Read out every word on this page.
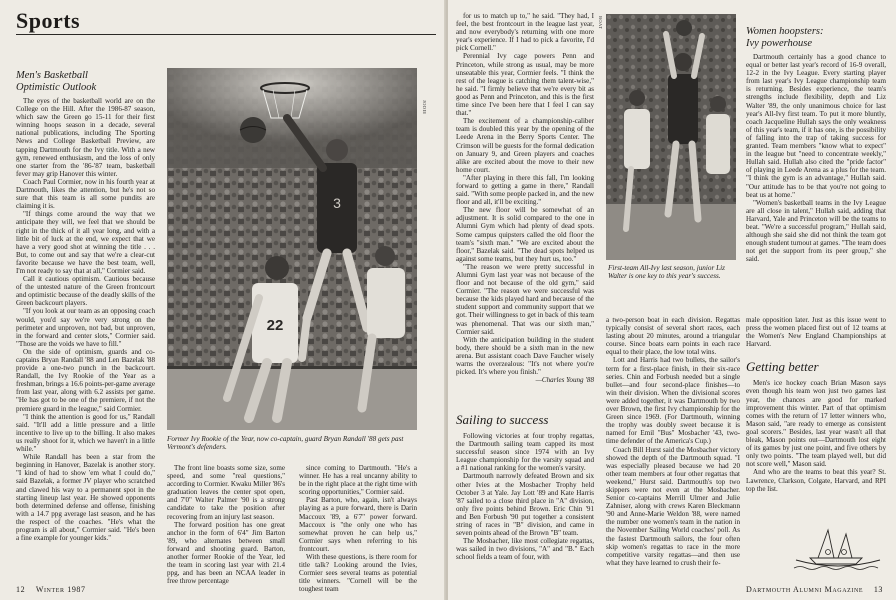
Sports
Men's Basketball
Optimistic Outlook

The eyes of the basketball world are on the College on the Hill. After the 1986-87 season, which saw the Green go 15-11 for their first winning hoops season in a decade, several national publications, including The Sporting News and College Basketball Preview, are tapping Dartmouth for the Ivy title. With a new gym, renewed enthusiasm, and the loss of only one starter from the '86-'87 team, basketball fever may grip Hanover this winter.

Coach Paul Cormier, now in his fourth year at Dartmouth, likes the attention, but he's not so sure that this team is all some pundits are claiming it is.

"If things come around the way that we anticipate they will, we feel that we should be right in the thick of it all year long, and with a little bit of luck at the end, we expect that we have a very good shot at winning the title . . . But, to come out and say that we're a clear-cut favorite because we have the best team, well, I'm not ready to say that at all," Cormier said.

Call it cautious optimism. Cautious because of the untested nature of the Green frontcourt and optimistic because of the deadly skills of the Green backcourt players.

"If you look at our team as an opposing coach would, you'd say we're very strong on the perimeter and unproven, not bad, but unproven, in the forward and center slots," Cormier said. "Those are the voids we have to fill."

On the side of optimism, guards and co-captains Bryan Randall '88 and Len Bazelak '88 provide a one-two punch in the backcourt. Randall, the Ivy Rookie of the Year as a freshman, brings a 16.6 points-per-game average from last year, along with 6.2 assists per game. "He has got to be one of the premiere, if not the premiere guard in the league," said Cormier.

"I think the attention is good for us," Randall said. "It'll add a little pressure and a little incentive to live up to the billing. It also makes us really shoot for it, which we haven't in a little while."

While Randall has been a star from the beginning in Hanover, Bazelak is another story. "I kind of had to show 'em what I could do," said Bazelak, a former JV player who scratched and clawed his way to a permanent spot in the starting lineup last year. He showed opponents both determined defense and offense, finishing with a 14.7 ppg average last season, and he has the respect of the coaches. "He's what the program is all about," Cormier said. "He's been a fine example for younger kids."

3
22
JODIE
Former Ivy Rookie of the Year, now co-captain, guard Bryan Randall '88 gets past Vermont's defenders.

The front line boasts some size, some speed, and some "real questions," according to Cormier. Kwaku Miller '86's graduation leaves the center spot open, and 7'0" Walter Palmer '90 is a strong candidate to take the position after recovering from an injury last season.

The forward position has one great anchor in the form of 6'4" Jim Barton '89, who alternates between small forward and shooting guard. Barton, another former Rookie of the Year, led the team in scoring last year with 21.4 ppg, and has been an NCAA leader in free throw percentage

since coming to Dartmouth. "He's a winner. He has a real uncanny ability to be in the right place at the right time with scoring opportunities," Cormier said.

Past Barton, who, again, isn't always playing as a pure forward, there is Darin Maccoux '89, a 6'7" power forward. Maccoux is "the only one who has somewhat proven he can help us," Cormier says when referring to his frontcourt.

With these questions, is there room for title talk? Looking around the Ivies, Cormier sees several teams as potential title winners. "Cornell will be the toughest team

12 Winter 1987

for us to match up to," he said. "They had, I feel, the best frontcourt in the league last year, and now everybody's returning with one more year's experience. If I had to pick a favorite, I'd pick Cornell."

Perennial Ivy cage powers Penn and Princeton, while strong as usual, may be more unseatable this year, Cormier feels. "I think the rest of the league is catching them talent-wise," he said. "I firmly believe that we're every bit as good as Penn and Princeton, and this is the first time since I've been here that I feel I can say that."

The excitement of a championship-caliber team is doubled this year by the opening of the Leede Arena in the Berry Sports Center. The Crimson will be guests for the formal dedication on January 9, and Green players and coaches alike are excited about the move to their new home court.

"After playing in there this fall, I'm looking forward to getting a game in there," Randall said. "With some people packed in, and the new floor and all, it'll be exciting."

The new floor will be somewhat of an adjustment. It is solid compared to the one in Alumni Gym which had plenty of dead spots. Some campus quipsters called the old floor the team's "sixth man." "We are excited about the floor," Bazelak said. "The dead spots helped us against some teams, but they hurt us, too."

"The reason we were pretty successful in Alumni Gym last year was not because of the floor and not because of the old gym," said Cormier. "The reason we were successful was because the kids played hard and because of the student support and community support that we got. Their willingness to get in back of this team was phenomenal. That was our sixth man," Cormier said.

With the anticipation building in the student body, there should be a sixth man in the new arena. But assistant coach Dave Faucher wisely warns the overzealous: "It's not where you're picked. It's where you finish."

—Charles Young '88
BOAT
First-team All-Ivy last season, junior Liz Walter is one key to this year's success.
Women hoopsters:
Ivy powerhouse

Dartmouth certainly has a good chance to equal or better last year's record of 16-9 overall, 12-2 in the Ivy League. Every starting player from last year's Ivy League championship team is returning. Besides experience, the team's strengths include flexibility, depth and Liz Walter '89, the only unanimous choice for last year's All-Ivy first team. To put it more bluntly, coach Jacqueline Hullah says the only weakness of this year's team, if it has one, is the possibility of falling into the trap of taking success for granted. Team members "know what to expect" in the league but "need to concentrate weekly," Hullah said. Hullah also cited the "pride factor" of playing in Leede Arena as a plus for the team. "I think the gym is an advantage," Hullah said. "Our attitude has to be that you're not going to beat us at home."

"Women's basketball teams in the Ivy League are all close in talent," Hullah said, adding that Harvard, Yale and Princeton will be the teams to beat. "We're a successful program," Hullah said, although she said she did not think the team got enough student turnout at games. "The team does not get the support from its peer group," she said.

Sailing to success

Following victories at four trophy regattas, the Dartmouth sailing team capped its most successful season since 1974 with an Ivy League championship for the varsity squad and a #1 national ranking for the women's varsity.

Dartmouth narrowly defeated Brown and six other Ivies at the Mosbacher Trophy held October 3 at Yale. Jay Lott '89 and Kate Harris '87 sailed to a close third place in "A" division, only five points behind Brown. Eric Chin '91 and Ben Forbush '90 put together a consistent string of races in "B" division, and came in seven points ahead of the Brown "B" team.

The Mosbacher, like most collegiate regattas, was sailed in two divisions, "A" and "B." Each school fields a team of four, with

a two-person boat in each division. Regattas typically consist of several short races, each lasting about 20 minutes, around a triangular course. Since boats earn points in each race equal to their place, the low total wins.

Lott and Harris had two bullets, the sailor's term for a first-place finish, in their six-race series. Chin and Forbush needed but a single bullet—and four second-place finishes—to win their division. When the divisional scores were added together, it was Dartmouth by two over Brown, the first Ivy championship for the Green since 1969. (For Dartmouth, winning the trophy was doubly sweet because it is named for Emil "Bus" Mosbacher '43, two-time defender of the America's Cup.)

Coach Bill Hurst said the Mosbacher victory showed the depth of the Dartmouth squad. "I was especially pleased because we had 20 other team members at four other regattas that weekend," Hurst said. Dartmouth's top two skippers were not even at the Mosbacher. Senior co-captains Merrill Ulmer and Julie Zahniser, along with crews Karen Bleckmann '90 and Anne-Marie Weldon '88, were named the number one women's team in the nation in the November Sailing World coaches' poll. As the fastest Dartmouth sailors, the four often skip women's regattas to race in the more competitive varsity regattas—and then use what they have learned to crush their fe-

male opposition later. Just as this issue went to press the women placed first out of 12 teams at the Women's New England Championships at Harvard.

Getting better

Men's ice hockey coach Brian Mason says even though his team won just two games last year, the chances are good for marked improvement this winter. Part of that optimism comes with the return of 17 letter winners who, Mason said, "are ready to emerge as consistent goal scorers." Besides, last year wasn't all that bleak, Mason points out—Dartmouth lost eight of its games by just one point, and five others by only two points. "The team played well, but did not score well," Mason said.

And who are the teams to beat this year? St. Lawrence, Clarkson, Colgate, Harvard, and RPI top the list.

Dartmouth Alumni Magazine 13
